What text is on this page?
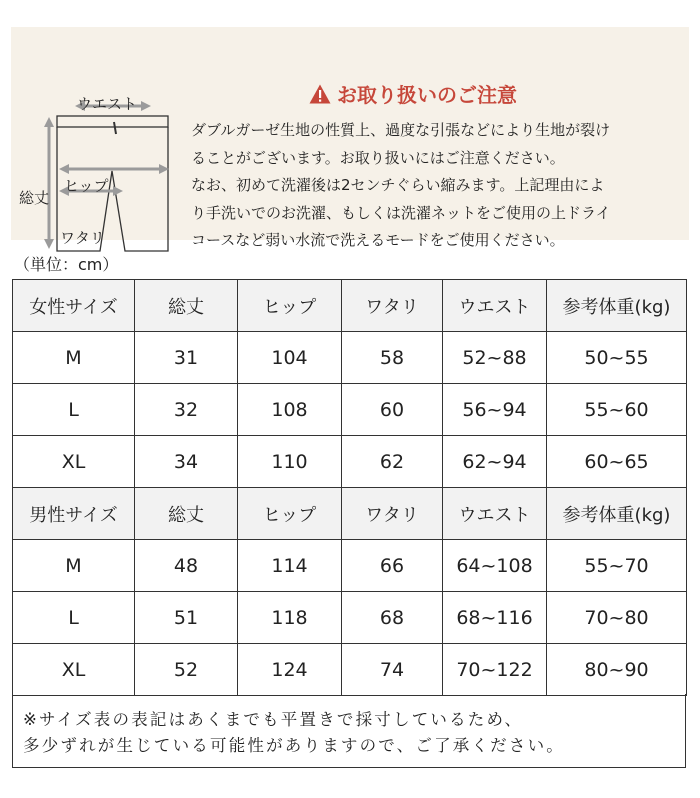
ウエスト
ヒップ
総丈
ワタリ
お取り扱いのご注意
ダブルガーゼ生地の性質上、過度な引張などにより生地が裂け
ることがございます。お取り扱いにはご注意ください。
なお、初めて洗濯後は2センチぐらい縮みます。上記理由によ
り手洗いでのお洗濯、もしくは洗濯ネットをご使用の上ドライ
コースなど弱い水流で洗えるモードをご使用ください。
（単位：cm）
女性サイズ	総丈	ヒップ	ワタリ	ウエスト	参考体重(kg)
M	31	104	58	52~88	50~55
L	32	108	60	56~94	55~60
XL	34	110	62	62~94	60~65
男性サイズ	総丈	ヒップ	ワタリ	ウエスト	参考体重(kg)
M	48	114	66	64~108	55~70
L	51	118	68	68~116	70~80
XL	52	124	74	70~122	80~90
※サイズ表の表記はあくまでも平置きで採寸しているため、
多少ずれが生じている可能性がありますので、ご了承ください。
